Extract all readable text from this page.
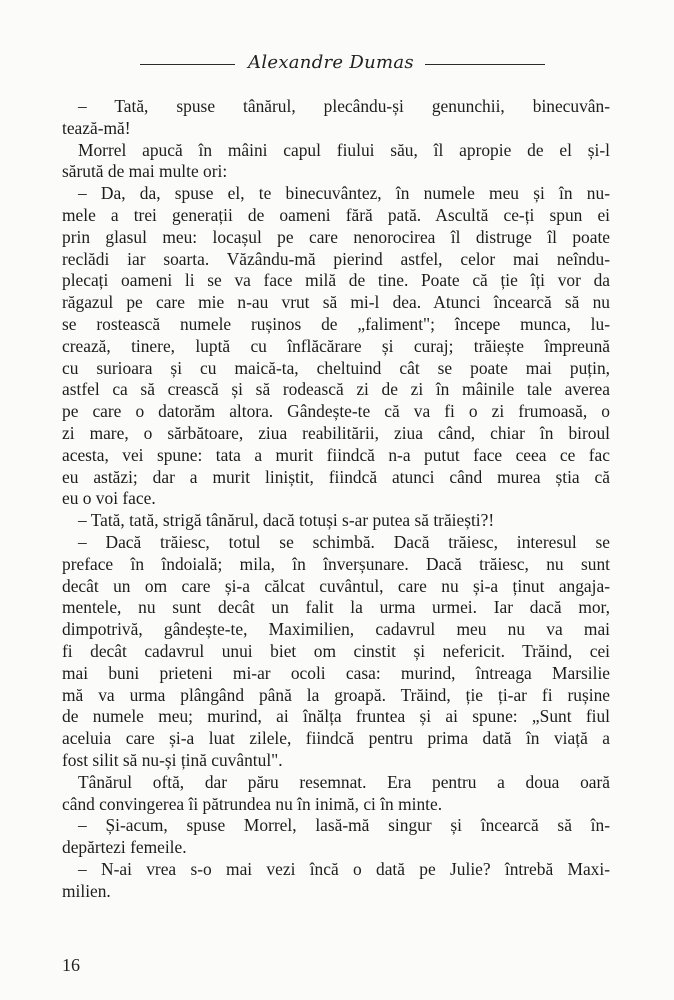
Alexandre Dumas
– Tată, spuse tânărul, plecându-și genunchii, binecuvân-
tează-mă!
Morrel apucă în mâini capul fiului său, îl apropie de el și-l
sărută de mai multe ori:
– Da, da, spuse el, te binecuvântez, în numele meu și în nu-
mele a trei generații de oameni fără pată. Ascultă ce-ți spun ei
prin glasul meu: locașul pe care nenorocirea îl distruge îl poate
reclădi iar soarta. Văzându-mă pierind astfel, celor mai neîndu-
plecați oameni li se va face milă de tine. Poate că ție îți vor da
răgazul pe care mie n-au vrut să mi-l dea. Atunci încearcă să nu
se rostească numele rușinos de „faliment"; începe munca, lu-
crează, tinere, luptă cu înflăcărare și curaj; trăiește împreună
cu surioara și cu maică-ta, cheltuind cât se poate mai puțin,
astfel ca să crească și să rodească zi de zi în mâinile tale averea
pe care o datorăm altora. Gândește-te că va fi o zi frumoasă, o
zi mare, o sărbătoare, ziua reabilitării, ziua când, chiar în biroul
acesta, vei spune: tata a murit fiindcă n-a putut face ceea ce fac
eu astăzi; dar a murit liniștit, fiindcă atunci când murea știa că
eu o voi face.
– Tată, tată, strigă tânărul, dacă totuși s-ar putea să trăiești?!
– Dacă trăiesc, totul se schimbă. Dacă trăiesc, interesul se
preface în îndoială; mila, în înverșunare. Dacă trăiesc, nu sunt
decât un om care și-a călcat cuvântul, care nu și-a ținut angaja-
mentele, nu sunt decât un falit la urma urmei. Iar dacă mor,
dimpotrivă, gândește-te, Maximilien, cadavrul meu nu va mai
fi decât cadavrul unui biet om cinstit și nefericit. Trăind, cei
mai buni prieteni mi-ar ocoli casa: murind, întreaga Marsilie
mă va urma plângând până la groapă. Trăind, ție ți-ar fi rușine
de numele meu; murind, ai înălța fruntea și ai spune: „Sunt fiul
aceluia care și-a luat zilele, fiindcă pentru prima dată în viață a
fost silit să nu-și țină cuvântul".
Tânărul oftă, dar păru resemnat. Era pentru a doua oară
când convingerea îi pătrundea nu în inimă, ci în minte.
– Și-acum, spuse Morrel, lasă-mă singur și încearcă să în-
depărtezi femeile.
– N-ai vrea s-o mai vezi încă o dată pe Julie? întrebă Maxi-
milien.
16
